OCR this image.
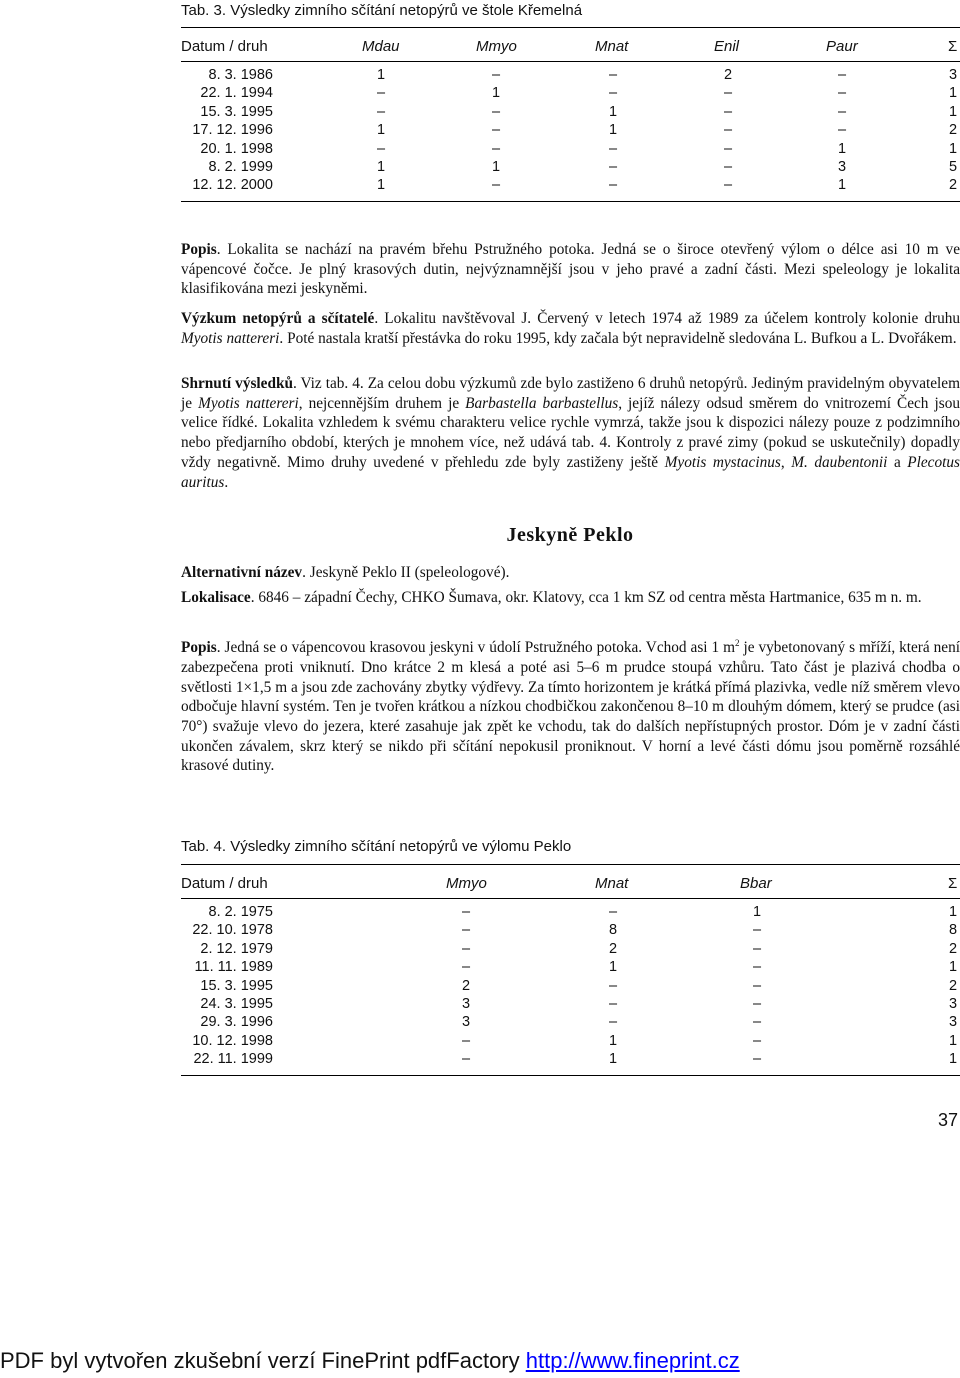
Tab. 3. Výsledky zimního sčítání netopýrů ve štole Křemelná
Datum / druh	Mdau	Mmyo	Mnat	Enil	Paur	Σ
8. 3. 1986	1	–	–	2	–	3
22. 1. 1994	–	1	–	–	–	1
15. 3. 1995	–	–	1	–	–	1
17. 12. 1996	1	–	1	–	–	2
20. 1. 1998	–	–	–	–	1	1
8. 2. 1999	1	1	–	–	3	5
12. 12. 2000	1	–	–	–	1	2

Popis. Lokalita se nachází na pravém břehu Pstružného potoka. Jedná se o široce otevřený výlom o délce asi 10 m ve vápencové čočce. Je plný krasových dutin, nejvýznamnější jsou v jeho pravé a zadní části. Mezi speleology je lokalita klasifikována mezi jeskyněmi.

Výzkum netopýrů a sčítatelé. Lokalitu navštěvoval J. Červený v letech 1974 až 1989 za účelem kontroly kolonie druhu Myotis nattereri. Poté nastala kratší přestávka do roku 1995, kdy začala být nepravidelně sledována L. Bufkou a L. Dvořákem.

Shrnutí výsledků. Viz tab. 4. Za celou dobu výzkumů zde bylo zastiženo 6 druhů netopýrů. Jediným pravidelným obyvatelem je Myotis nattereri, nejcennějším druhem je Barbastella barbastellus, jejíž nálezy odsud směrem do vnitrozemí Čech jsou velice řídké. Lokalita vzhledem k svému charakteru velice rychle vymrzá, takže jsou k dispozici nálezy pouze z podzimního nebo předjarního období, kterých je mnohem více, než udává tab. 4. Kontroly z pravé zimy (pokud se uskutečnily) dopadly vždy negativně. Mimo druhy uvedené v přehledu zde byly zastiženy ještě Myotis mystacinus, M. daubentonii a Plecotus auritus.

Jeskyně Peklo

Alternativní název. Jeskyně Peklo II (speleologové).

Lokalisace. 6846 – západní Čechy, CHKO Šumava, okr. Klatovy, cca 1 km SZ od centra města Hartmanice, 635 m n. m.

Popis. Jedná se o vápencovou krasovou jeskyni v údolí Pstružného potoka. Vchod asi 1 $m^2$ je vybetonovaný s mříží, která není zabezpečena proti vniknutí. Dno krátce 2 m klesá a poté asi 5–6 m prudce stoupá vzhůru. Tato část je plazivá chodba o světlosti 1×1,5 m a jsou zde zachovány zbytky výdřevy. Za tímto horizontem je krátká přímá plazivka, vedle níž směrem vlevo odbočuje hlavní systém. Ten je tvořen krátkou a nízkou chodbičkou zakončenou 8–10 m dlouhým dómem, který se prudce (asi 70°) svažuje vlevo do jezera, které zasahuje jak zpět ke vchodu, tak do dalších nepřístupných prostor. Dóm je v zadní části ukončen závalem, skrz který se nikdo při sčítání nepokusil proniknout. V horní a levé části dómu jsou poměrně rozsáhlé krasové dutiny.

Tab. 4. Výsledky zimního sčítání netopýrů ve výlomu Peklo
Datum / druh	Mmyo	Mnat	Bbar	Σ
8. 2. 1975	–	–	1	1
22. 10. 1978	–	8	–	8
2. 12. 1979	–	2	–	2
11. 11. 1989	–	1	–	1
15. 3. 1995	2	–	–	2
24. 3. 1995	3	–	–	3
29. 3. 1996	3	–	–	3
10. 12. 1998	–	1	–	1
22. 11. 1999	–	1	–	1
37
PDF byl vytvořen zkušební verzí FinePrint pdfFactory http://www.fineprint.cz
